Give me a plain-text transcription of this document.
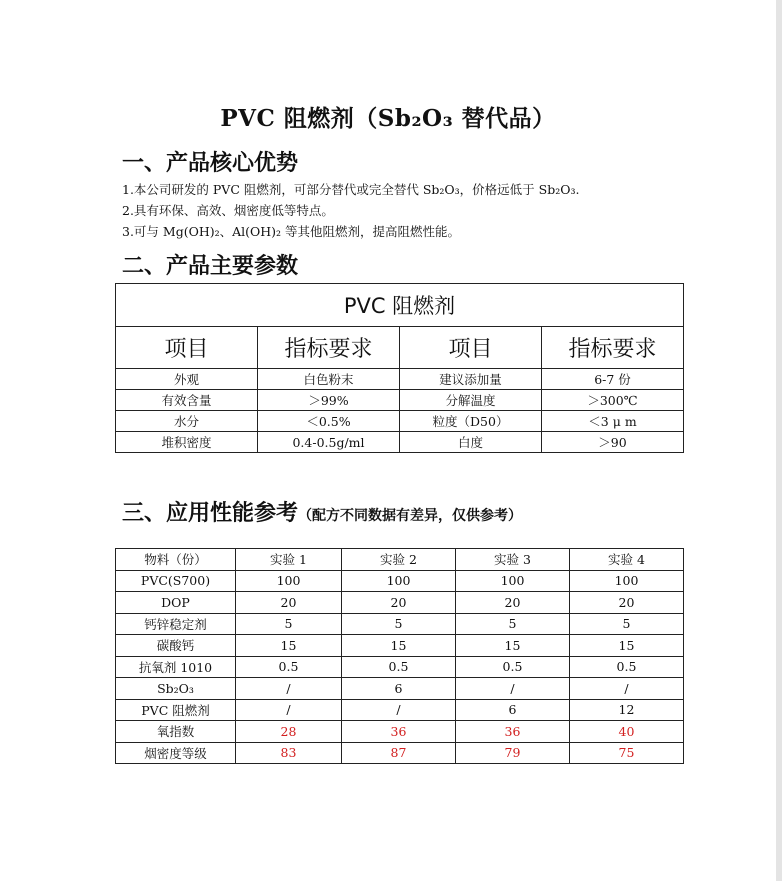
PVC 阻燃剂（Sb₂O₃ 替代品）
一、产品核心优势
1.本公司研发的 PVC 阻燃剂，可部分替代或完全替代 Sb₂O₃，价格远低于 Sb₂O₃.
2.具有环保、高效、烟密度低等特点。
3.可与 Mg(OH)₂、Al(OH)₂ 等其他阻燃剂，提高阻燃性能。
二、产品主要参数
PVC 阻燃剂			
项目	指标要求	项目	指标要求
外观	白色粉末	建议添加量	6-7 份
有效含量	＞99%	分解温度	＞300℃
水分	＜0.5%	粒度（D50）	＜3 μ m
堆积密度	0.4-0.5g/ml	白度	＞90
三、应用性能参考（配方不同数据有差异，仅供参考）
物料（份）	实验 1	实验 2	实验 3	实验 4
PVC(S700)	100	100	100	100
DOP	20	20	20	20
钙锌稳定剂	5	5	5	5
碳酸钙	15	15	15	15
抗氧剂 1010	0.5	0.5	0.5	0.5
Sb₂O₃	/	6	/	/
PVC 阻燃剂	/	/	6	12
氧指数	28	36	36	40
烟密度等级	83	87	79	75
